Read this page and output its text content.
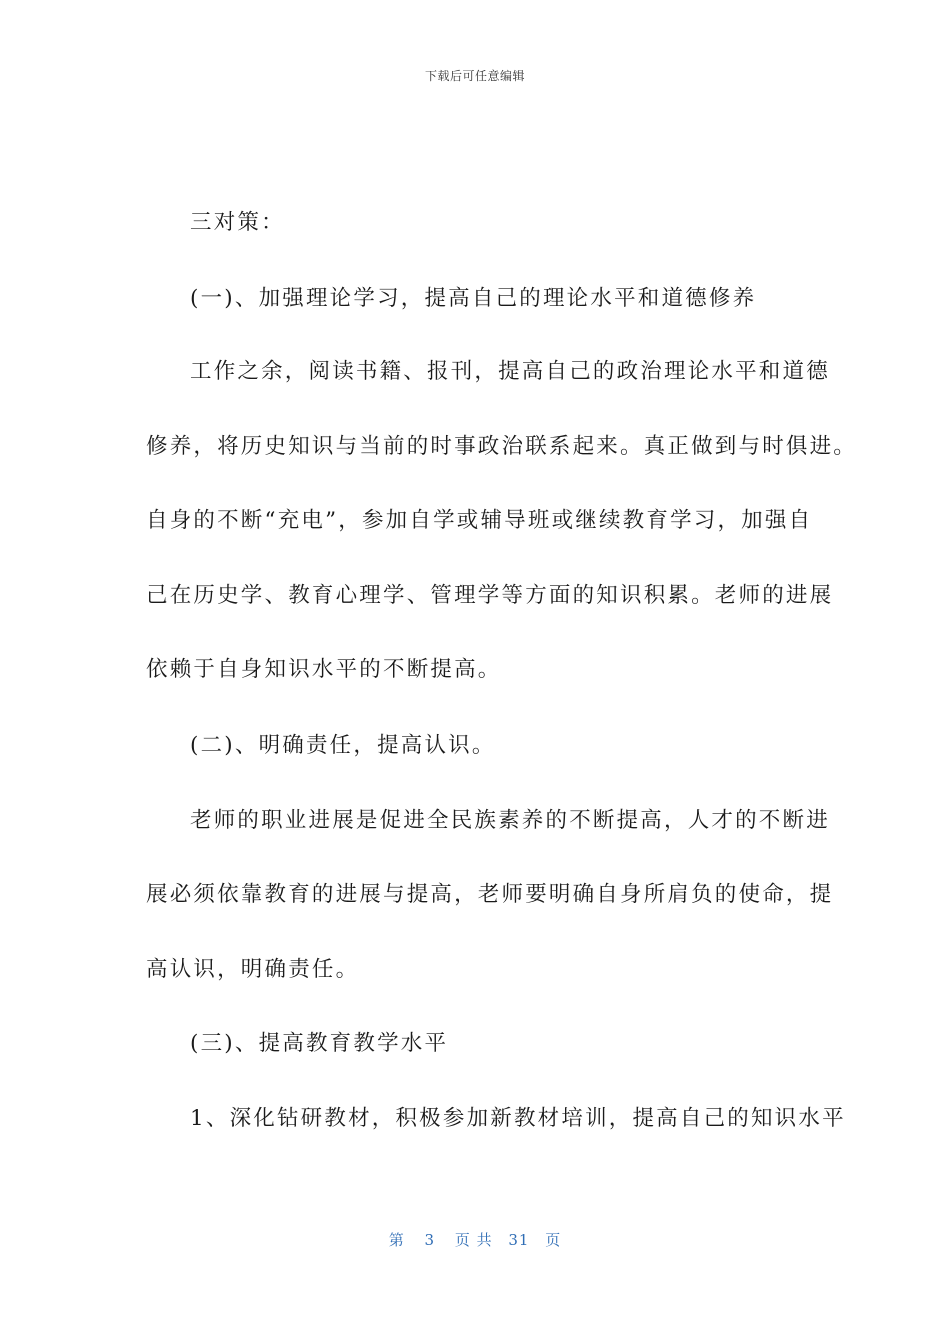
下载后可任意编辑
三对策：
(一)、加强理论学习，提高自己的理论水平和道德修养
工作之余，阅读书籍、报刊，提高自己的政治理论水平和道德
修养，将历史知识与当前的时事政治联系起来。真正做到与时俱进。
自身的不断“充电”，参加自学或辅导班或继续教育学习，加强自
己在历史学、教育心理学、管理学等方面的知识积累。老师的进展
依赖于自身知识水平的不断提高。
(二)、明确责任，提高认识。
老师的职业进展是促进全民族素养的不断提高，人才的不断进
展必须依靠教育的进展与提高，老师要明确自身所肩负的使命，提
高认识，明确责任。
(三)、提高教育教学水平
1、深化钻研教材，积极参加新教材培训，提高自己的知识水平
第 3 页 共 31 页
